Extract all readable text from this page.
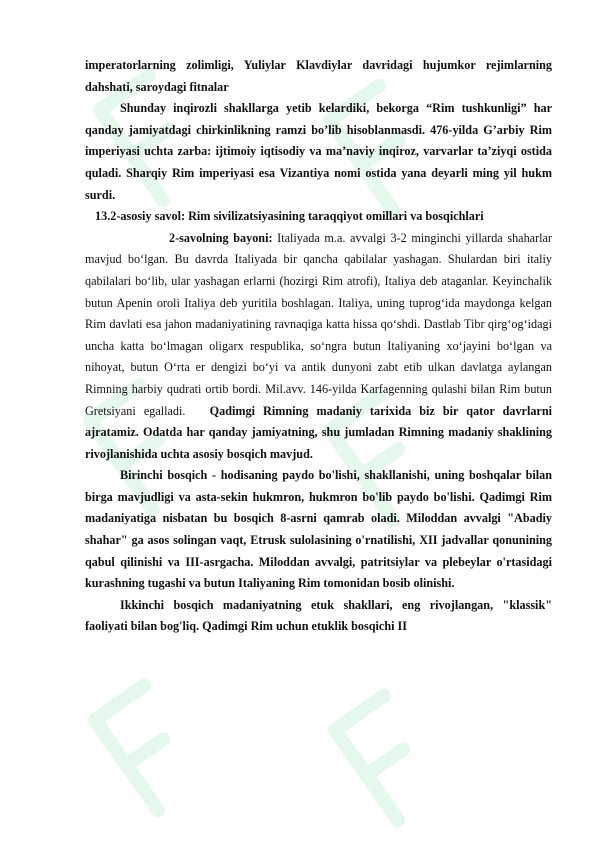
imperatorlarning zolimligi, Yuliylar Klavdiylar davridagi hujumkor rejimlarning dahshati, saroydagi fitnalar

Shunday inqirozli shakllarga yetib kelardiki, bekorga “Rim tushkunligi” har qanday jamiyatdagi chirkinlikning ramzi bo’lib hisoblanmasdi. 476-yilda G’arbiy Rim imperiyasi uchta zarba: ijtimoiy iqtisodiy va ma’naviy inqiroz, varvarlar ta’ziyqi ostida quladi. Sharqiy Rim imperiyasi esa Vizantiya nomi ostida yana deyarli ming yil hukm surdi.

13.2-asosiy savol: Rim sivilizatsiyasining taraqqiyot omillari va bosqichlari

2-savolning bayoni: Italiyada m.a. avvalgi 3-2 minginchi yillarda shaharlar mavjud bo‘lgan. Bu davrda Italiyada bir qancha qabilalar yashagan. Shulardan biri italiy qabilalari bo‘lib, ular yashagan erlarni (hozirgi Rim atrofi), Italiya deb ataganlar. Keyinchalik butun Apenin oroli Italiya deb yuritila boshlagan. Italiya, uning tuprog‘ida maydonga kelgan Rim davlati esa jahon madaniyatining ravnaqiga katta hissa qo‘shdi. Dastlab Tibr qirg‘og‘idagi uncha katta bo‘lmagan oligarx respublika, so‘ngra butun Italiyaning xo‘jayini bo‘lgan va nihoyat, butun O‘rta er dengizi bo‘yi va antik dunyoni zabt etib ulkan davlatga aylangan Rimning harbiy qudrati ortib bordi. Mil.avv. 146-yilda Karfagenning qulashi bilan Rim butun Gretsiyani egalladi. Qadimgi Rimning madaniy tarixida biz bir qator davrlarni ajratamiz. Odatda har qanday jamiyatning, shu jumladan Rimning madaniy shaklining rivojlanishida uchta asosiy bosqich mavjud.

Birinchi bosqich - hodisaning paydo bo'lishi, shakllanishi, uning boshqalar bilan birga mavjudligi va asta-sekin hukmron, hukmron bo'lib paydo bo'lishi. Qadimgi Rim madaniyatiga nisbatan bu bosqich 8-asrni qamrab oladi. Miloddan avvalgi "Abadiy shahar" ga asos solingan vaqt, Etrusk sulolasining o'rnatilishi, XII jadvallar qonunining qabul qilinishi va III-asrgacha. Miloddan avvalgi, patritsiylar va plebeylar o'rtasidagi kurashning tugashi va butun Italiyaning Rim tomonidan bosib olinishi.

Ikkinchi bosqich madaniyatning etuk shakllari, eng rivojlangan, "klassik" faoliyati bilan bog'liq. Qadimgi Rim uchun etuklik bosqichi II
